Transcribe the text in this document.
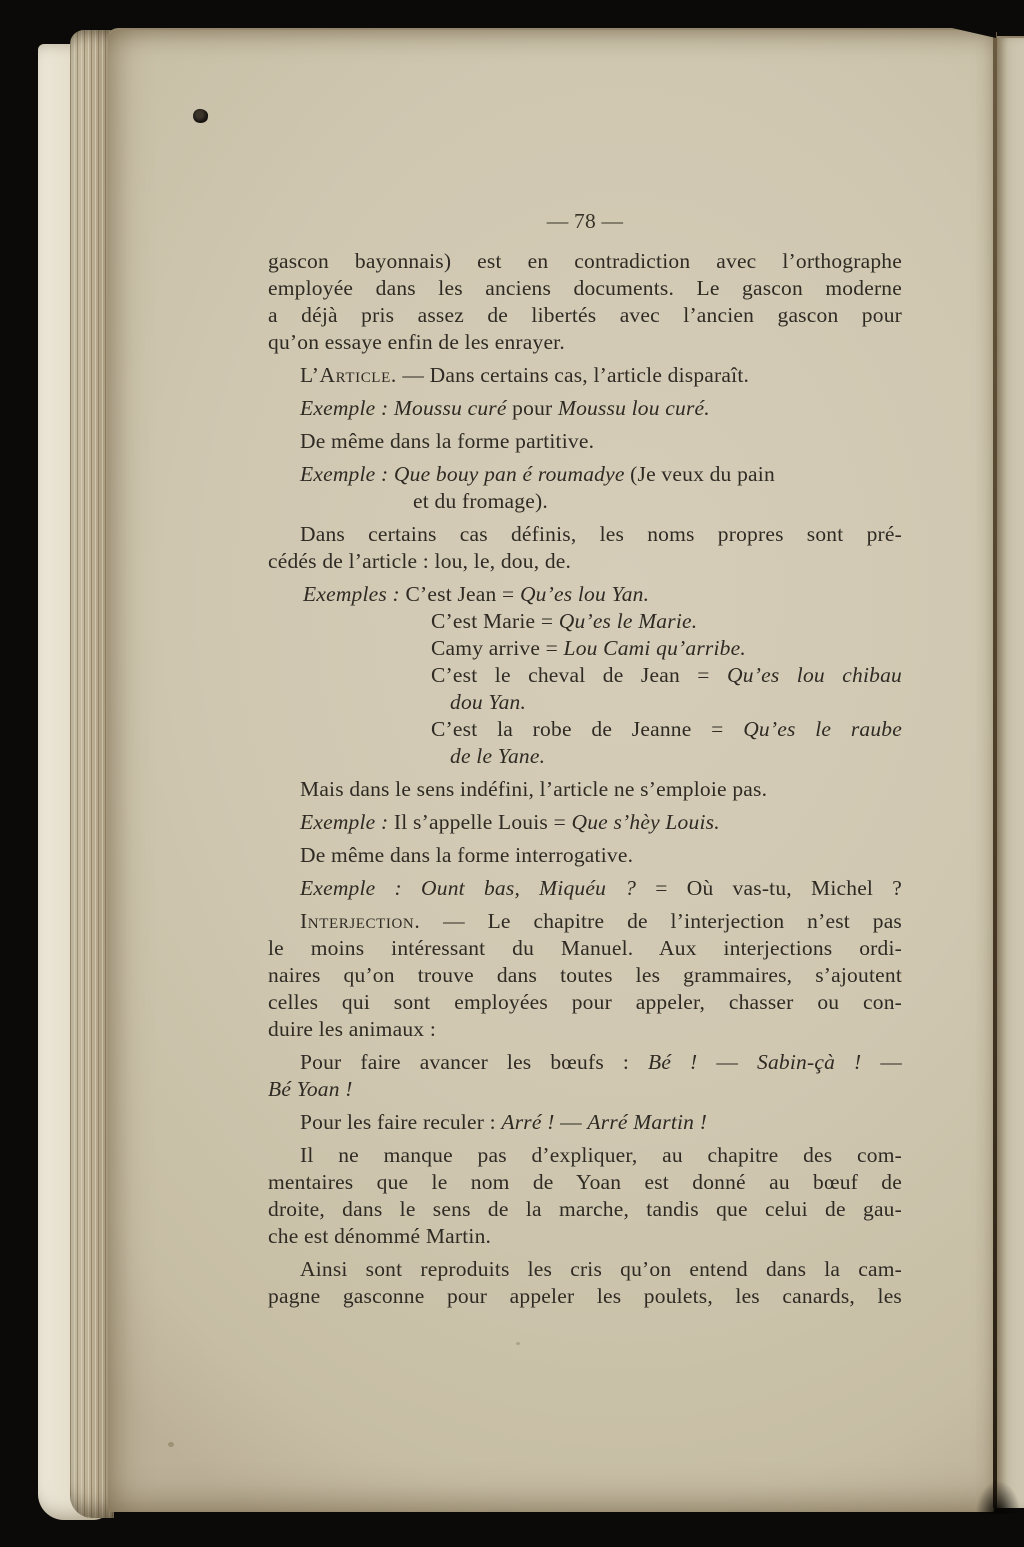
— 78 —
gascon bayonnais) est en contradiction avec l’orthographe
employée dans les anciens documents. Le gascon moderne
a déjà pris assez de libertés avec l’ancien gascon pour
qu’on essaye enfin de les enrayer.
L’Article. — Dans certains cas, l’article disparaît.
Exemple : Moussu curé pour Moussu lou curé.
De même dans la forme partitive.
Exemple : Que bouy pan é roumadye (Je veux du pain
et du fromage).
Dans certains cas définis, les noms propres sont pré-
cédés de l’article : lou, le, dou, de.
Exemples : C’est Jean = Qu’es lou Yan.
C’est Marie = Qu’es le Marie.
Camy arrive = Lou Cami qu’arribe.
C’est le cheval de Jean = Qu’es lou chibau
dou Yan.
C’est la robe de Jeanne = Qu’es le raube
de le Yane.
Mais dans le sens indéfini, l’article ne s’emploie pas.
Exemple : Il s’appelle Louis = Que s’hèy Louis.
De même dans la forme interrogative.
Exemple : Ount bas, Miquéu ? = Où vas-tu, Michel ?
Interjection. — Le chapitre de l’interjection n’est pas
le moins intéressant du Manuel. Aux interjections ordi-
naires qu’on trouve dans toutes les grammaires, s’ajoutent
celles qui sont employées pour appeler, chasser ou con-
duire les animaux :
Pour faire avancer les bœufs : Bé ! — Sabin-çà ! —
Bé Yoan !
Pour les faire reculer : Arré ! — Arré Martin !
Il ne manque pas d’expliquer, au chapitre des com-
mentaires que le nom de Yoan est donné au bœuf de
droite, dans le sens de la marche, tandis que celui de gau-
che est dénommé Martin.
Ainsi sont reproduits les cris qu’on entend dans la cam-
pagne gasconne pour appeler les poulets, les canards, les
